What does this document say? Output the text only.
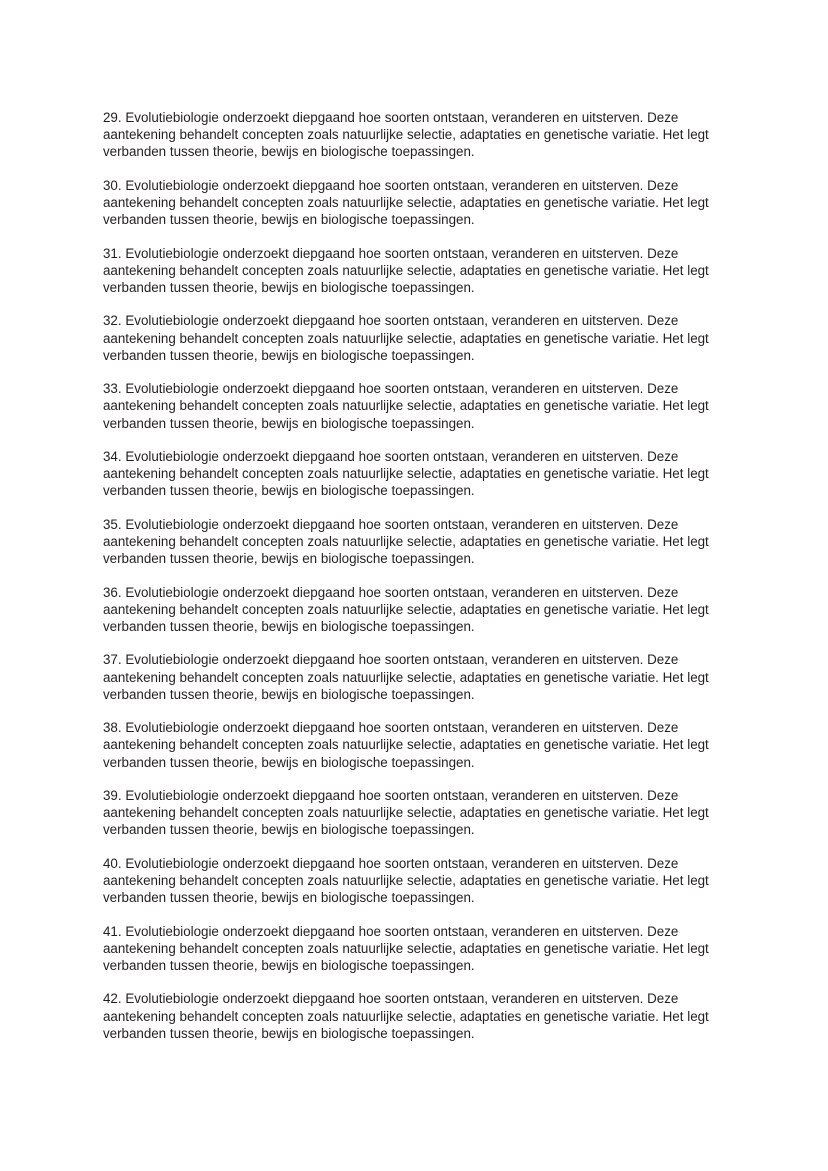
29. Evolutiebiologie onderzoekt diepgaand hoe soorten ontstaan, veranderen en uitsterven. Deze aantekening behandelt concepten zoals natuurlijke selectie, adaptaties en genetische variatie. Het legt verbanden tussen theorie, bewijs en biologische toepassingen.

30. Evolutiebiologie onderzoekt diepgaand hoe soorten ontstaan, veranderen en uitsterven. Deze aantekening behandelt concepten zoals natuurlijke selectie, adaptaties en genetische variatie. Het legt verbanden tussen theorie, bewijs en biologische toepassingen.

31. Evolutiebiologie onderzoekt diepgaand hoe soorten ontstaan, veranderen en uitsterven. Deze aantekening behandelt concepten zoals natuurlijke selectie, adaptaties en genetische variatie. Het legt verbanden tussen theorie, bewijs en biologische toepassingen.

32. Evolutiebiologie onderzoekt diepgaand hoe soorten ontstaan, veranderen en uitsterven. Deze aantekening behandelt concepten zoals natuurlijke selectie, adaptaties en genetische variatie. Het legt verbanden tussen theorie, bewijs en biologische toepassingen.

33. Evolutiebiologie onderzoekt diepgaand hoe soorten ontstaan, veranderen en uitsterven. Deze aantekening behandelt concepten zoals natuurlijke selectie, adaptaties en genetische variatie. Het legt verbanden tussen theorie, bewijs en biologische toepassingen.

34. Evolutiebiologie onderzoekt diepgaand hoe soorten ontstaan, veranderen en uitsterven. Deze aantekening behandelt concepten zoals natuurlijke selectie, adaptaties en genetische variatie. Het legt verbanden tussen theorie, bewijs en biologische toepassingen.

35. Evolutiebiologie onderzoekt diepgaand hoe soorten ontstaan, veranderen en uitsterven. Deze aantekening behandelt concepten zoals natuurlijke selectie, adaptaties en genetische variatie. Het legt verbanden tussen theorie, bewijs en biologische toepassingen.

36. Evolutiebiologie onderzoekt diepgaand hoe soorten ontstaan, veranderen en uitsterven. Deze aantekening behandelt concepten zoals natuurlijke selectie, adaptaties en genetische variatie. Het legt verbanden tussen theorie, bewijs en biologische toepassingen.

37. Evolutiebiologie onderzoekt diepgaand hoe soorten ontstaan, veranderen en uitsterven. Deze aantekening behandelt concepten zoals natuurlijke selectie, adaptaties en genetische variatie. Het legt verbanden tussen theorie, bewijs en biologische toepassingen.

38. Evolutiebiologie onderzoekt diepgaand hoe soorten ontstaan, veranderen en uitsterven. Deze aantekening behandelt concepten zoals natuurlijke selectie, adaptaties en genetische variatie. Het legt verbanden tussen theorie, bewijs en biologische toepassingen.

39. Evolutiebiologie onderzoekt diepgaand hoe soorten ontstaan, veranderen en uitsterven. Deze aantekening behandelt concepten zoals natuurlijke selectie, adaptaties en genetische variatie. Het legt verbanden tussen theorie, bewijs en biologische toepassingen.

40. Evolutiebiologie onderzoekt diepgaand hoe soorten ontstaan, veranderen en uitsterven. Deze aantekening behandelt concepten zoals natuurlijke selectie, adaptaties en genetische variatie. Het legt verbanden tussen theorie, bewijs en biologische toepassingen.

41. Evolutiebiologie onderzoekt diepgaand hoe soorten ontstaan, veranderen en uitsterven. Deze aantekening behandelt concepten zoals natuurlijke selectie, adaptaties en genetische variatie. Het legt verbanden tussen theorie, bewijs en biologische toepassingen.

42. Evolutiebiologie onderzoekt diepgaand hoe soorten ontstaan, veranderen en uitsterven. Deze aantekening behandelt concepten zoals natuurlijke selectie, adaptaties en genetische variatie. Het legt verbanden tussen theorie, bewijs en biologische toepassingen.
